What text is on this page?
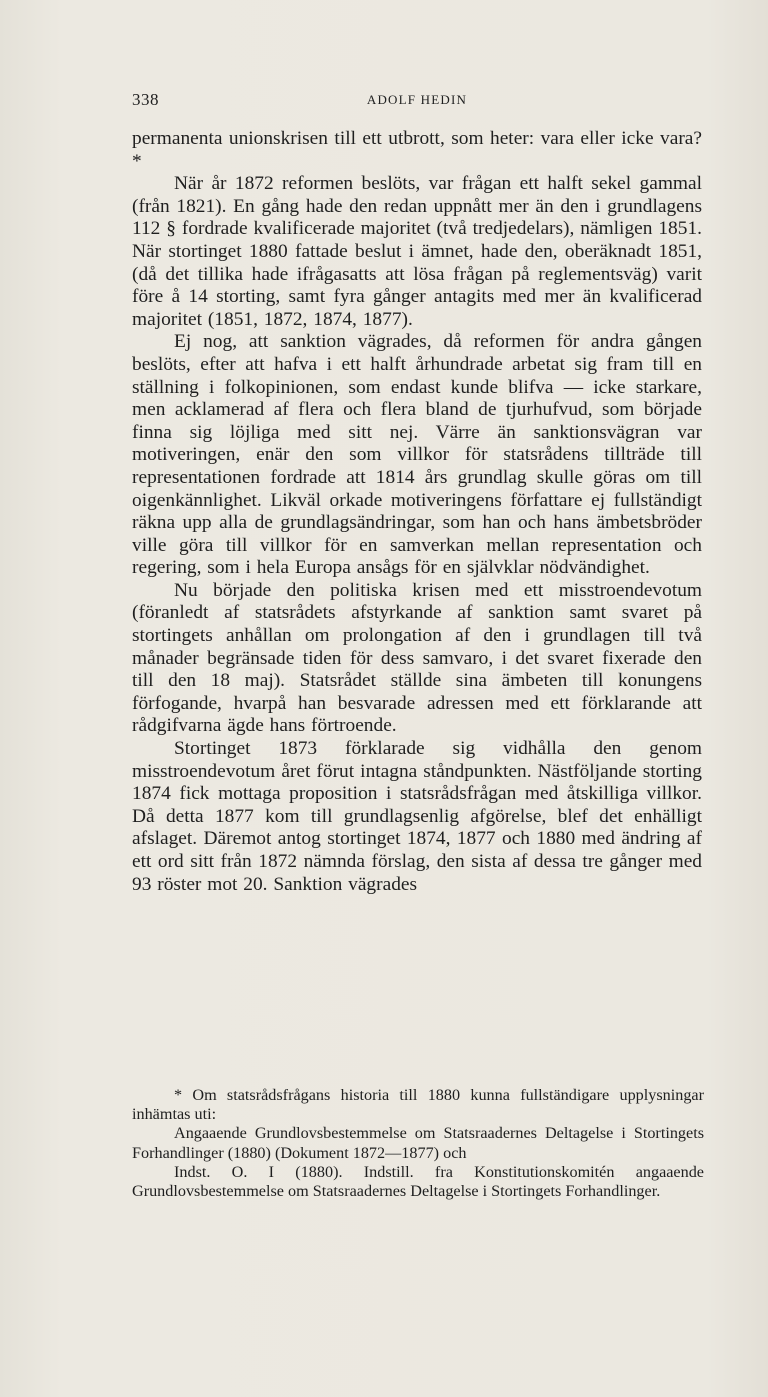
338	ADOLF HEDIN

permanenta unionskrisen till ett utbrott, som heter: vara eller icke vara?*

När år 1872 reformen beslöts, var frågan ett halft sekel gammal (från 1821). En gång hade den redan uppnått mer än den i grundlagens 112 § fordrade kvalificerade majoritet (två tredjedelars), nämligen 1851. När stortinget 1880 fattade beslut i ämnet, hade den, oberäknadt 1851, (då det tillika hade ifrågasatts att lösa frågan på reglementsväg) varit före å 14 storting, samt fyra gånger antagits med mer än kvalificerad majoritet (1851, 1872, 1874, 1877).

Ej nog, att sanktion vägrades, då reformen för andra gången beslöts, efter att hafva i ett halft århundrade arbetat sig fram till en ställning i folkopinionen, som endast kunde blifva — icke starkare, men acklamerad af flera och flera bland de tjurhufvud, som började finna sig löjliga med sitt nej. Värre än sanktionsvägran var motiveringen, enär den som villkor för statsrådens tillträde till representationen fordrade att 1814 års grundlag skulle göras om till oigenkännlighet. Likväl orkade motiveringens författare ej fullständigt räkna upp alla de grundlagsändringar, som han och hans ämbetsbröder ville göra till villkor för en samverkan mellan representation och regering, som i hela Europa ansågs för en självklar nödvändighet.

Nu började den politiska krisen med ett misstroendevotum (föranledt af statsrådets afstyrkande af sanktion samt svaret på stortingets anhållan om prolongation af den i grundlagen till två månader begränsade tiden för dess samvaro, i det svaret fixerade den till den 18 maj). Statsrådet ställde sina ämbeten till konungens förfogande, hvarpå han besvarade adressen med ett förklarande att rådgifvarna ägde hans förtroende.

Stortinget 1873 förklarade sig vidhålla den genom misstroendevotum året förut intagna ståndpunkten. Nästföljande storting 1874 fick mottaga proposition i statsrådsfrågan med åtskilliga villkor. Då detta 1877 kom till grundlagsenlig afgörelse, blef det enhälligt afslaget. Däremot antog stortinget 1874, 1877 och 1880 med ändring af ett ord sitt från 1872 nämnda förslag, den sista af dessa tre gånger med 93 röster mot 20. Sanktion vägrades

* Om statsrådsfrågans historia till 1880 kunna fullständigare upplysningar inhämtas uti:

Angaaende Grundlovsbestemmelse om Statsraadernes Deltagelse i Stortingets Forhandlinger (1880) (Dokument 1872—1877) och

Indst. O. I (1880). Indstill. fra Konstitutionskomitén angaaende Grundlovsbestemmelse om Statsraadernes Deltagelse i Stortingets Forhandlinger.
